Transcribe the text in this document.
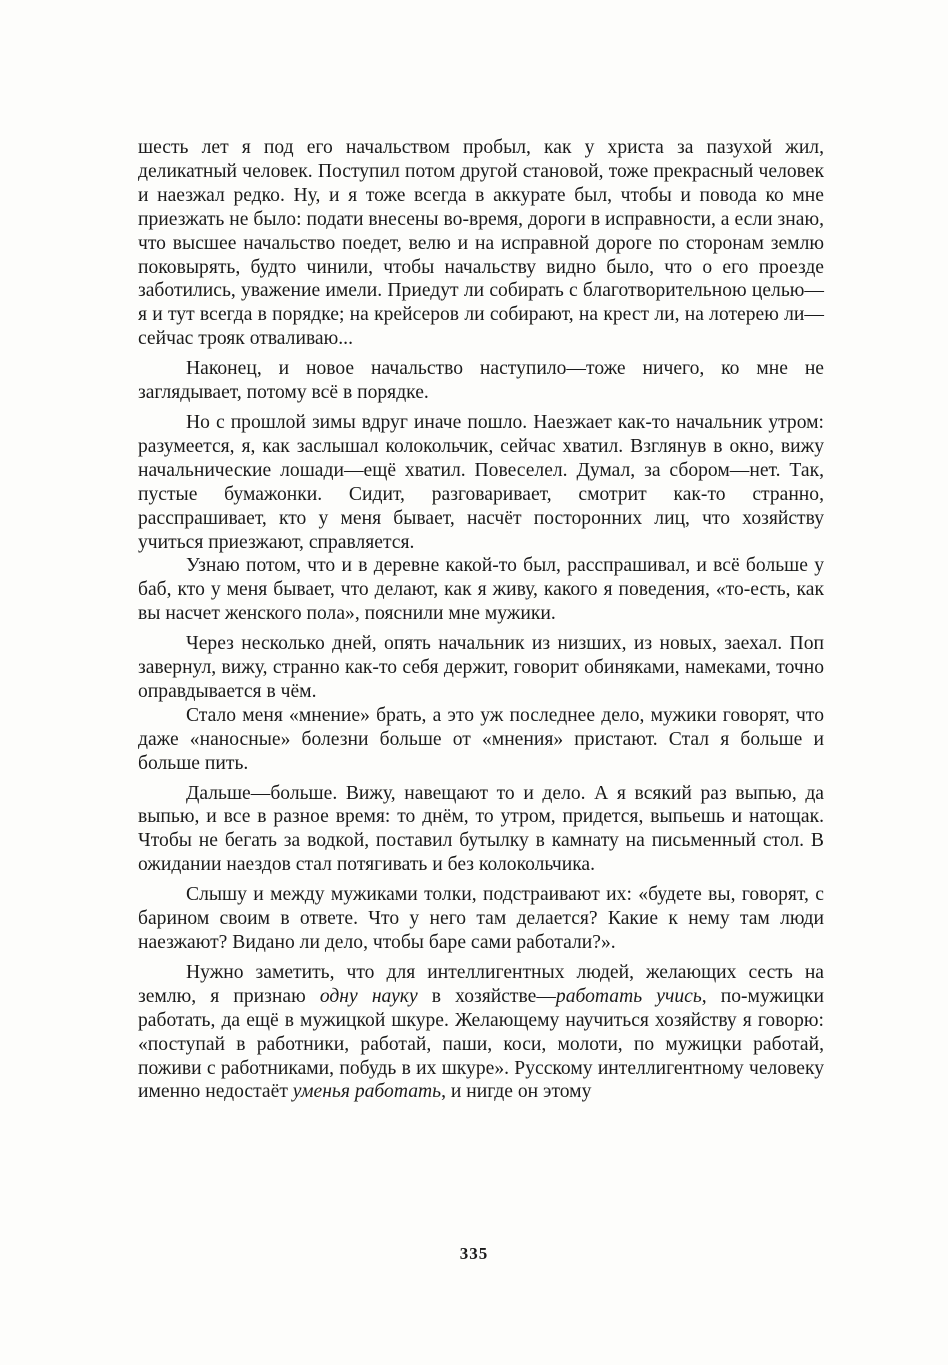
шесть лет я под его начальством пробыл, как у христа за пазухой жил, деликатный человек. Поступил потом другой становой, тоже прекрасный человек и наезжал редко. Ну, и я тоже всегда в аккурате был, чтобы и повода ко мне приезжать не было: подати внесены во-время, дороги в исправности, а если знаю, что высшее начальство поедет, велю и на исправной дороге по сторонам землю поковырять, будто чинили, чтобы начальству видно было, что о его проезде заботились, уважение имели. Приедут ли собирать с благотворительною целью—я и тут всегда в порядке; на крейсеров ли собирают, на крест ли, на лотерею ли—сейчас трояк отваливаю...

Наконец, и новое начальство наступило—тоже ничего, ко мне не заглядывает, потому всё в порядке.

Но с прошлой зимы вдруг иначе пошло. Наезжает как-то начальник утром: разумеется, я, как заслышал колокольчик, сейчас хватил. Взглянув в окно, вижу начальнические лошади—ещё хватил. Повеселел. Думал, за сбором—нет. Так, пустые бумажонки. Сидит, разговаривает, смотрит как-то странно, расспрашивает, кто у меня бывает, насчёт посторонних лиц, что хозяйству учиться приезжают, справляется.

Узнаю потом, что и в деревне какой-то был, расспрашивал, и всё больше у баб, кто у меня бывает, что делают, как я живу, какого я поведения, «то-есть, как вы насчет женского пола», пояснили мне мужики.

Через несколько дней, опять начальник из низших, из новых, заехал. Поп завернул, вижу, странно как-то себя держит, говорит обиняками, намеками, точно оправдывается в чём.

Стало меня «мнение» брать, а это уж последнее дело, мужики говорят, что даже «наносные» болезни больше от «мнения» пристают. Стал я больше и больше пить.

Дальше—больше. Вижу, навещают то и дело. А я всякий раз выпью, да выпью, и все в разное время: то днём, то утром, придется, выпьешь и натощак. Чтобы не бегать за водкой, поставил бутылку в камнату на письменный стол. В ожидании наездов стал потягивать и без колокольчика.

Слышу и между мужиками толки, подстраивают их: «будете вы, говорят, с барином своим в ответе. Что у него там делается? Какие к нему там люди наезжают? Видано ли дело, чтобы баре сами работали?».

Нужно заметить, что для интеллигентных людей, желающих сесть на землю, я признаю одну науку в хозяйстве—работать учись, по-мужицки работать, да ещё в мужицкой шкуре. Желающему научиться хозяйству я говорю: «поступай в работники, работай, паши, коси, молоти, по мужицки работай, поживи с работниками, побудь в их шкуре». Русскому интеллигентному человеку именно недостаёт уменья работать, и нигде он этому

335
